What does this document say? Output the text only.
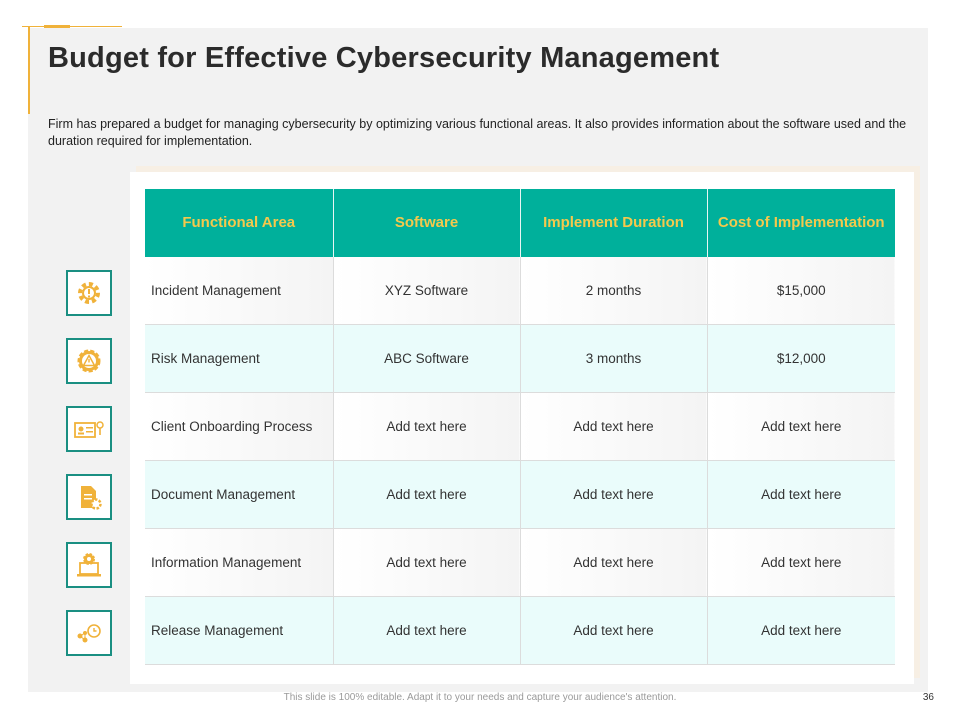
Budget for Effective Cybersecurity Management

Firm has prepared a budget for managing cybersecurity by optimizing various functional areas. It also provides information about the software used and the duration required for implementation.

Functional Area	Software	Implement Duration	Cost of Implementation
Incident Management	XYZ Software	2 months	$15,000
Risk Management	ABC Software	3 months	$12,000
Client Onboarding Process	Add text here	Add text here	Add text here
Document Management	Add text here	Add text here	Add text here
Information Management	Add text here	Add text here	Add text here
Release Management	Add text here	Add text here	Add text here
This slide is 100% editable. Adapt it to your needs and capture your audience's attention.	36
